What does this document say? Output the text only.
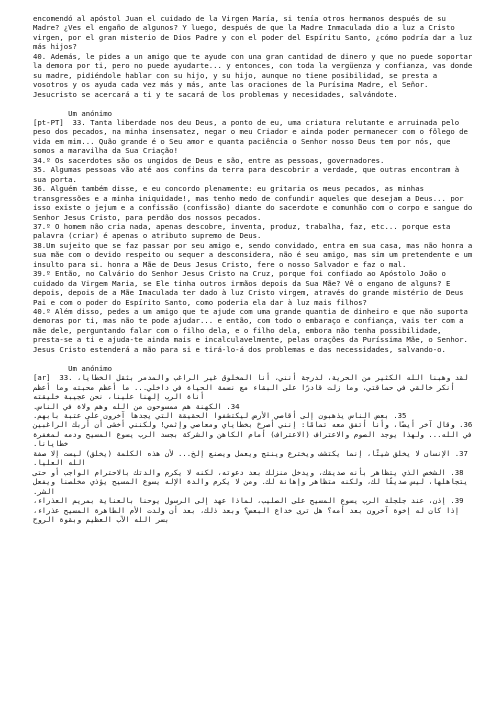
encomendó al apóstol Juan el cuidado de la Virgen María, si tenía otros hermanos después de su Madre? ¿Ves el engaño de algunos? Y luego, después de que la Madre Inmaculada dio a luz a Cristo virgen, por el gran misterio de Dios Padre y con el poder del Espíritu Santo, ¿cómo podría dar a luz más hijos?

40. Además, le pides a un amigo que te ayude con una gran cantidad de dinero y que no puede soportar la demora por ti, pero no puede ayudarte... y entonces, con toda la vergüenza y confianza, vas donde su madre, pidiéndole hablar con su hijo, y su hijo, aunque no tiene posibilidad, se presta a vosotros y os ayuda cada vez más y más, ante las oraciones de la Purísima Madre, el Señor. Jesucristo se acercará a ti y te sacará de los problemas y necesidades, salvándote.

Um anónimo

[pt-PT]  33. Tanta liberdade nos deu Deus, a ponto de eu, uma criatura relutante e arruinada pelo peso dos pecados, na minha insensatez, negar o meu Criador e ainda poder permanecer com o fôlego de vida em mim... Quão grande é o Seu amor e quanta paciência o Senhor nosso Deus tem por nós, que somos a maravilha da Sua Criação!

34.º Os sacerdotes são os ungidos de Deus e são, entre as pessoas, governadores.

35. Algumas pessoas vão até aos confins da terra para descobrir a verdade, que outras encontram à sua porta.

36. Alguém também disse, e eu concordo plenamente: eu gritaria os meus pecados, as minhas transgressões e a minha iniquidade!, mas tenho medo de confundir aqueles que desejam a Deus... por isso existe o jejum e a confissão (confissão) diante do sacerdote e comunhão com o corpo e sangue do Senhor Jesus Cristo, para perdão dos nossos pecados.

37.º O homem não cria nada, apenas descobre, inventa, produz, trabalha, faz, etc... porque esta palavra (criar) é apenas o atributo supremo de Deus.

38.Um sujeito que se faz passar por seu amigo e, sendo convidado, entra em sua casa, mas não honra a sua mãe com o devido respeito ou sequer a desconsidera, não é seu amigo, mas sim um pretendente e um insulto para si. honra a Mãe de Deus Jesus Cristo, fere o nosso Salvador e faz o mal.

39.º Então, no Calvário do Senhor Jesus Cristo na Cruz, porque foi confiado ao Apóstolo João o cuidado da Virgem Maria, se Ele tinha outros irmãos depois da Sua Mãe? Vê o engano de alguns? E depois, depois de a Mãe Imaculada ter dado à luz Cristo virgem, através do grande mistério de Deus Pai e com o poder do Espírito Santo, como poderia ela dar à luz mais filhos?

40.º Além disso, pedes a um amigo que te ajude com uma grande quantia de dinheiro e que não suporta demoras por ti, mas não te pode ajudar... e então, com todo o embaraço e confiança, vais ter com a mãe dele, perguntando falar com o filho dela, e o filho dela, embora não tenha possibilidade, presta-se a ti e ajuda-te ainda mais e incalculavelmente, pelas orações da Puríssima Mãe, o Senhor. Jesus Cristo estenderá a mão para si e tirá-lo-á dos problemas e das necessidades, salvando-o.

Um anónimo

[ar]  33. لقد وهبنا الله الكثير من الحرية، لدرجة أنني، أنا المخلوق غير الراغب والمدمر بثقل الخطايا، أنكر خالقي في حماقتي، وما زلت قادرًا على البقاء مع نسمة الحياة في داخلي... ما أعظم محبته وما أعظم أناة الرب إلهنا علينا، نحن عجيبة خليقته

34. الكهنة هم ممسوحون من الله وهم ولاة في الناس.

35. بعض الناس يذهبون إلى أقاصي الأرض ليكتشفوا الحقيقة التي يجدها آخرون على عتبة بابهم.

36. وقال آخر أيضًا، وأنا أتفق معه تمامًا: إنني أصرخ بخطاياي ومعاصي وإثمي! ولكنني أخشى أن أربك الراغبين في الله... ولهذا يوجد الصوم والاعتراف (الاعتراف) أمام الكاهن والشركة بجسد الرب يسوع المسيح ودمه لمغفرة خطايانا.

37. الإنسان لا يخلق شيئًا، إنما يكتشف ويخترع وينتج ويعمل ويصنع إلخ... لأن هذه الكلمة (يخلق) ليست إلا صفة الله العليا.

38. الشخص الذي يتظاهر بأنه صديقك، ويدخل منزلك بعد دعوته، لكنه لا يكرم والدتك بالاحترام الواجب أو حتى يتجاهلها، ليس صديقًا لك، ولكنه متظاهر وإهانة لك. ومن لا يكرم والدة الإله يسوع المسيح يؤذي مخلصنا ويفعل الشر.

39. إذن، عند جلجلة الرب يسوع المسيح على الصليب، لماذا عهد إلى الرسول يوحنا بالعناية بمريم العذراء، إذا كان له إخوة آخرون بعد أمه؟ هل ترى خداع البعض؟ وبعد ذلك، بعد أن ولدت الأم الطاهرة المسيح عذراء، بسر الله الآب العظيم وبقوة الروح
